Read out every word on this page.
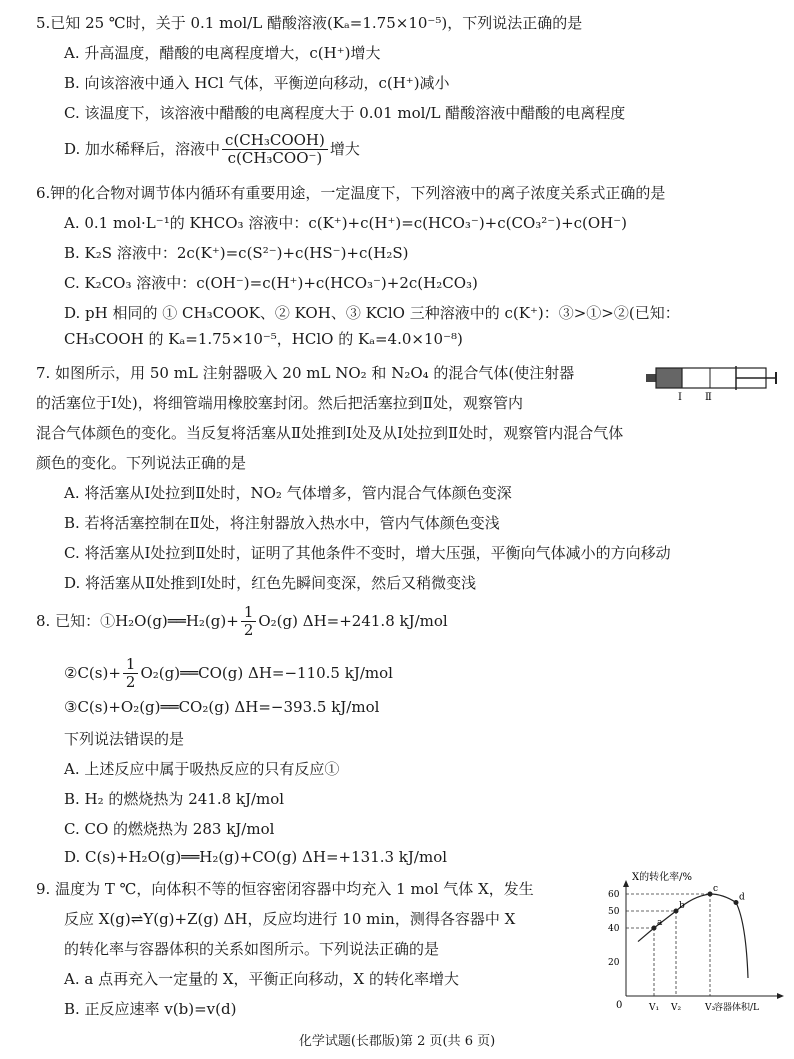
5.已知 25 ℃时，关于 0.1 mol/L 醋酸溶液(Kₐ=1.75×10⁻⁵)，下列说法正确的是
A. 升高温度，醋酸的电离程度增大，c(H⁺)增大
B. 向该溶液中通入 HCl 气体，平衡逆向移动，c(H⁺)减小
C. 该温度下，该溶液中醋酸的电离程度大于 0.01 mol/L 醋酸溶液中醋酸的电离程度
D. 加水稀释后，溶液中 $\frac{\text{c(CH₃COOH)}}{\text{c(CH₃COO⁻)}}$ 增大
6.钾的化合物对调节体内循环有重要用途，一定温度下，下列溶液中的离子浓度关系式正确的是
A. 0.1 mol·L⁻¹的 KHCO₃ 溶液中：c(K⁺)+c(H⁺)=c(HCO₃⁻)+c(CO₃²⁻)+c(OH⁻)
B. K₂S 溶液中：2c(K⁺)=c(S²⁻)+c(HS⁻)+c(H₂S)
C. K₂CO₃ 溶液中：c(OH⁻)=c(H⁺)+c(HCO₃⁻)+2c(H₂CO₃)
D. pH 相同的 ① CH₃COOK、② KOH、③ KClO 三种溶液中的 c(K⁺)：③>①>②(已知：
CH₃COOH 的 Kₐ=1.75×10⁻⁵，HClO 的 Kₐ=4.0×10⁻⁸)
7. 如图所示，用 50 mL 注射器吸入 20 mL NO₂ 和 N₂O₄ 的混合气体(使注射器
的活塞位于Ⅰ处)，将细管端用橡胶塞封闭。然后把活塞拉到Ⅱ处，观察管内
混合气体颜色的变化。当反复将活塞从Ⅱ处推到Ⅰ处及从Ⅰ处拉到Ⅱ处时，观察管内混合气体
颜色的变化。下列说法正确的是
Ⅰ Ⅱ
A. 将活塞从Ⅰ处拉到Ⅱ处时，NO₂ 气体增多，管内混合气体颜色变深
B. 若将活塞控制在Ⅱ处，将注射器放入热水中，管内气体颜色变浅
C. 将活塞从Ⅰ处拉到Ⅱ处时，证明了其他条件不变时，增大压强，平衡向气体减小的方向移动
D. 将活塞从Ⅱ处推到Ⅰ处时，红色先瞬间变深，然后又稍微变浅
8. 已知：①H₂O(g)══H₂(g)+ $\frac{1}{2} O_2(g)$ ΔH=+241.8 kJ/mol
②C(s)+ $\frac{1}{2}$ O₂(g)══CO(g) ΔH=−110.5 kJ/mol
③C(s)+O₂(g)══CO₂(g) ΔH=−393.5 kJ/mol
下列说法错误的是
A. 上述反应中属于吸热反应的只有反应①
B. H₂ 的燃烧热为 241.8 kJ/mol
C. CO 的燃烧热为 283 kJ/mol
D. C(s)+H₂O(g)══H₂(g)+CO(g) ΔH=+131.3 kJ/mol
9. 温度为 T ℃，向体积不等的恒容密闭容器中均充入 1 mol 气体 X，发生
反应 X(g)⇌Y(g)+Z(g) ΔH，反应均进行 10 min，测得各容器中 X
的转化率与容器体积的关系如图所示。下列说法正确的是
A. a 点再充入一定量的 X，平衡正向移动，X 的转化率增大
B. 正反应速率 v(b)=v(d)
X的转化率/%
容器体积/L
0
20
40
50
60
V₁ V₂	V₃
a
b
c
d
化学试题(长郡版)第 2 页(共 6 页)
